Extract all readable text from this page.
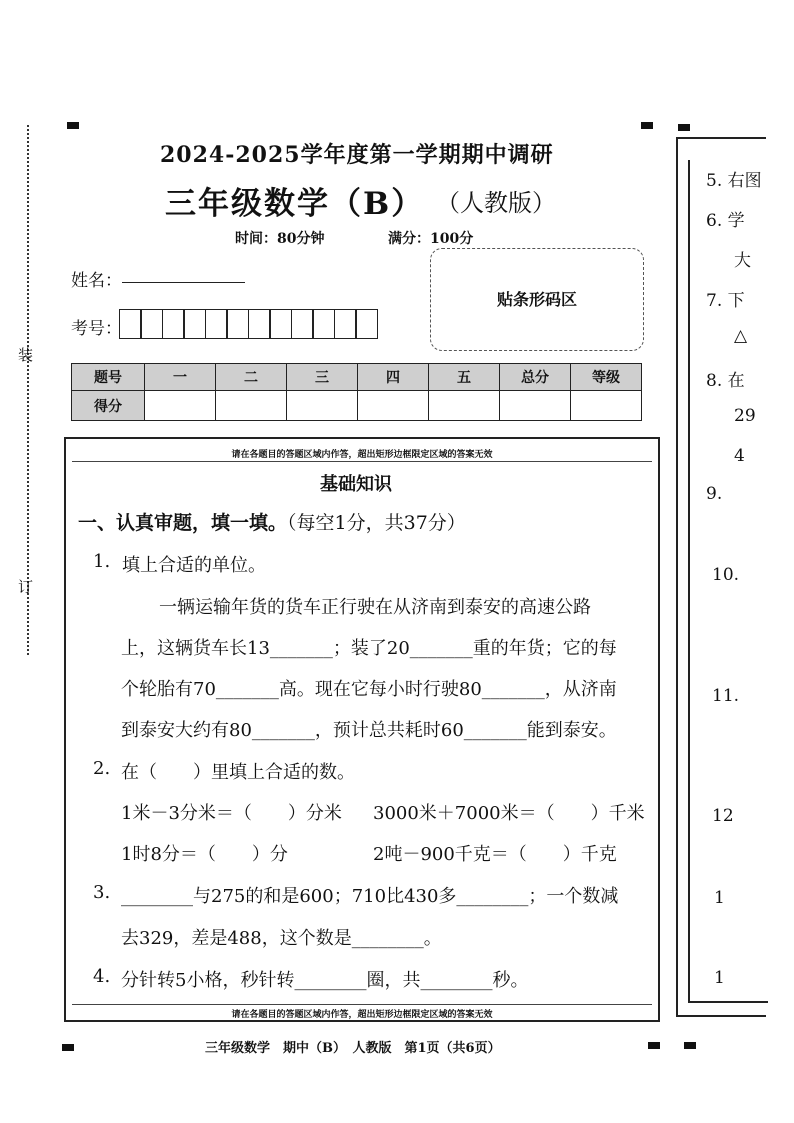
装
订
2024-2025学年度第一学期期中调研
三年级数学（B） （人教版）
时间：80分钟	满分：100分
姓名：
考号：
贴条形码区
题号	一	二	三	四	五	总分	等级
得分							
请在各题目的答题区域内作答，超出矩形边框限定区域的答案无效
请在各题目的答题区域内作答，超出矩形边框限定区域的答案无效
基础知识
一、认真审题，填一填。（每空1分，共37分）
1. 填上合适的单位。
一辆运输年货的货车正行驶在从济南到泰安的高速公路
上，这辆货车长13_______；装了20_______重的年货；它的每
个轮胎有70_______高。现在它每小时行驶80_______，从济南
到泰安大约有80_______，预计总共耗时60_______能到泰安。
2. 在（　　）里填上合适的数。
1米－3分米＝（　　）分米 3000米＋7000米＝（　　）千米
1时8分＝（　　）分	2吨－900千克＝（　　）千克
3. ________与275的和是600；710比430多________；一个数减
去329，差是488，这个数是________。
4. 分针转5小格，秒针转________圈，共________秒。
三年级数学　期中（B）　人教版　第1页（共6页）
5. 右图
6. 学
大
7. 下
△
8. 在
29
4
9.
10.
11.
12
1
1
